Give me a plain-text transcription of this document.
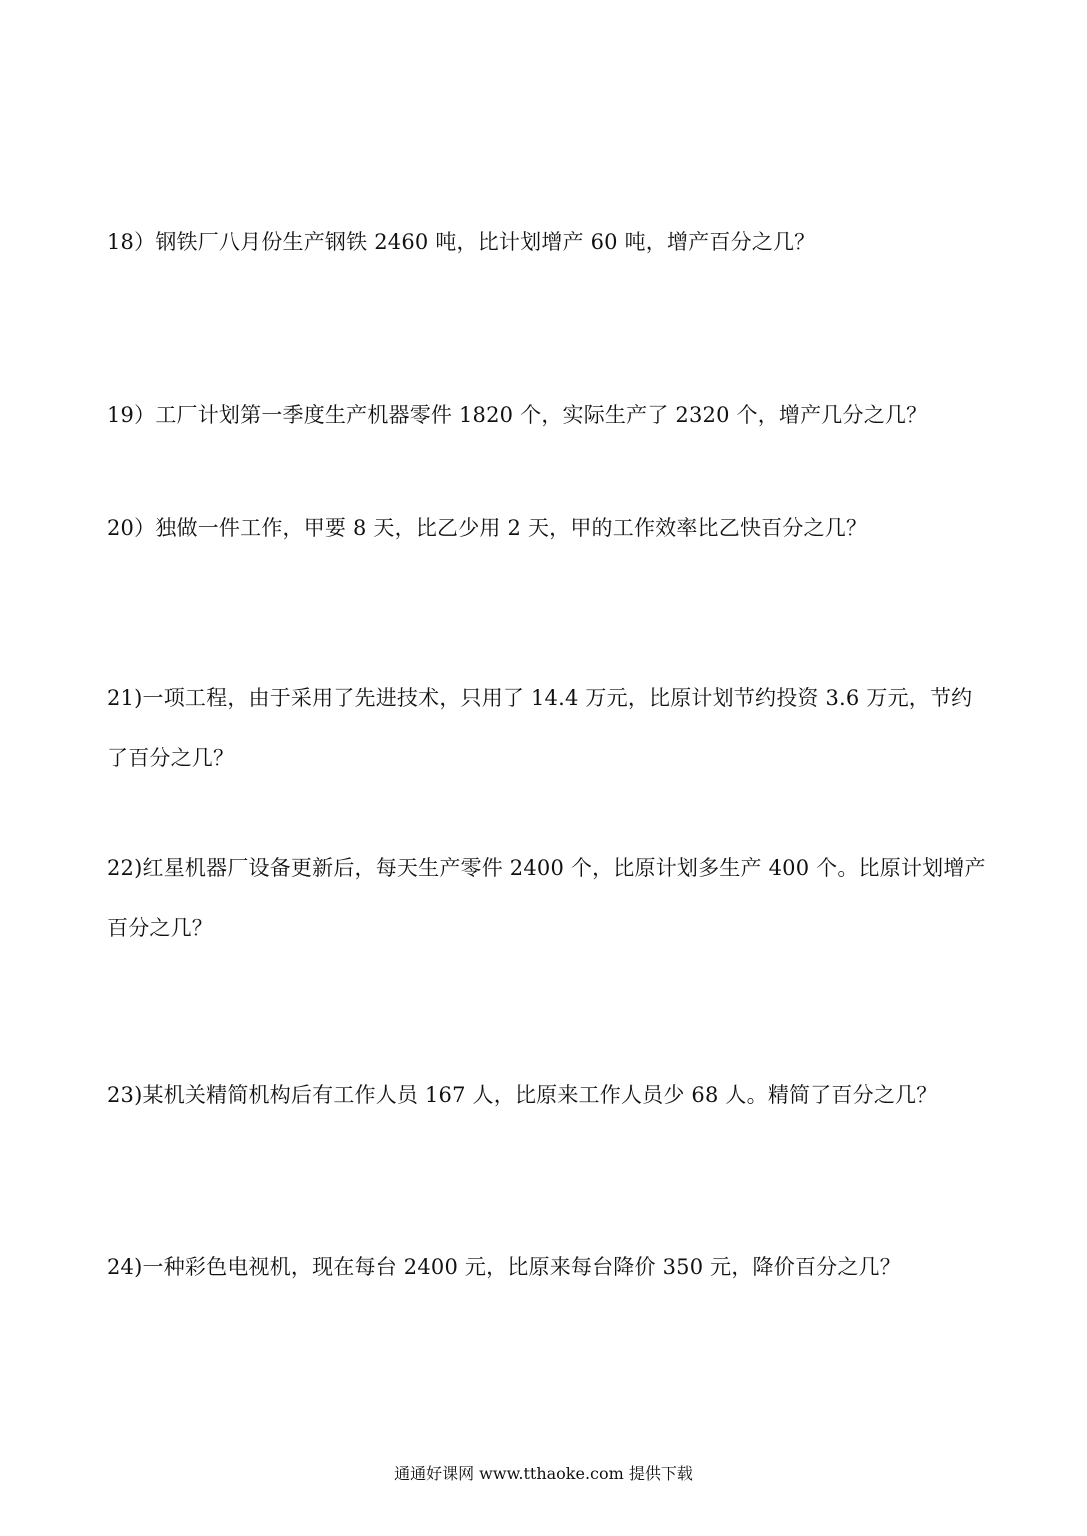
18）钢铁厂八月份生产钢铁 2460 吨，比计划增产 60 吨，增产百分之几？
19）工厂计划第一季度生产机器零件 1820 个，实际生产了 2320 个，增产几分之几？
20）独做一件工作，甲要 8 天，比乙少用 2 天，甲的工作效率比乙快百分之几？
21)一项工程，由于采用了先进技术，只用了 14.4 万元，比原计划节约投资 3.6 万元，节约了百分之几？
22)红星机器厂设备更新后，每天生产零件 2400 个，比原计划多生产 400 个。比原计划增产百分之几？
23)某机关精简机构后有工作人员 167 人，比原来工作人员少 68 人。精简了百分之几？
24)一种彩色电视机，现在每台 2400 元，比原来每台降价 350 元，降价百分之几？
通通好课网 www.tthaoke.com 提供下载
